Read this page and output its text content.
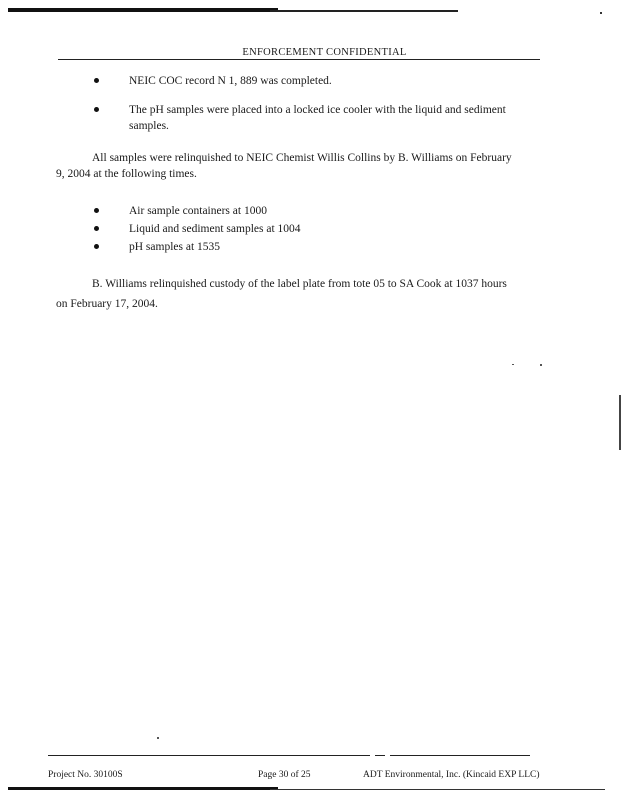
ENFORCEMENT CONFIDENTIAL
NEIC COC record N 1, 889 was completed.
The pH samples were placed into a locked ice cooler with the liquid and sediment
samples.
All samples were relinquished to NEIC Chemist Willis Collins by B. Williams on February
9, 2004 at the following times.
Air sample containers at 1000
Liquid and sediment samples at 1004
pH samples at 1535
B. Williams relinquished custody of the label plate from tote 05 to SA Cook at 1037 hours
on February 17, 2004.
Project No. 30100S	Page 30 of 25	ADT Environmental, Inc. (Kincaid EXP LLC)
